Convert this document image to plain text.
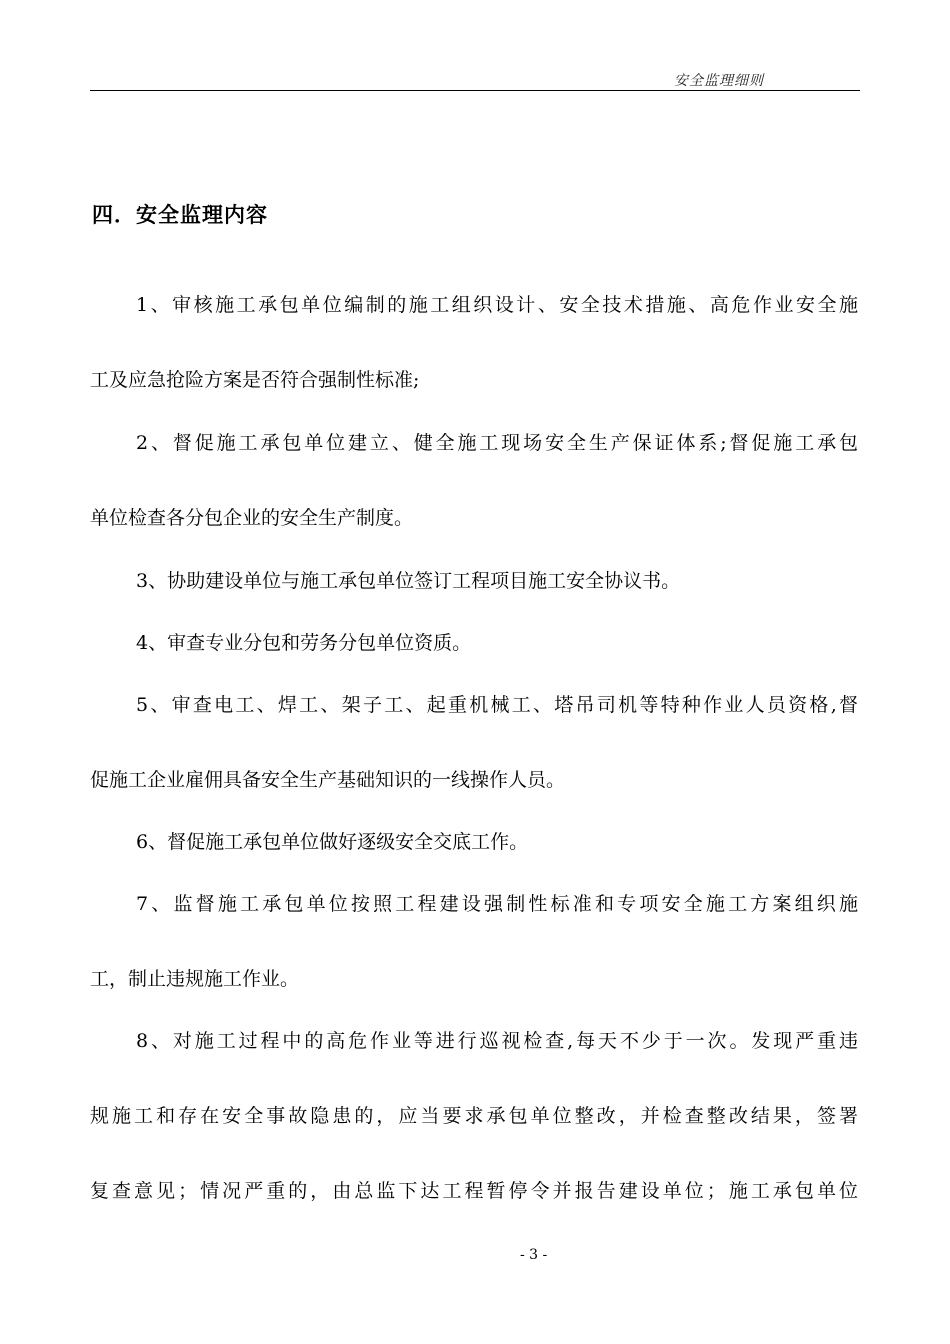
安全监理细则
四．安全监理内容
1、审核施工承包单位编制的施工组织设计、安全技术措施、高危作业安全施
工及应急抢险方案是否符合强制性标准;
2、督促施工承包单位建立、健全施工现场安全生产保证体系;督促施工承包
单位检查各分包企业的安全生产制度。
3、协助建设单位与施工承包单位签订工程项目施工安全协议书。
4、审查专业分包和劳务分包单位资质。
5、审查电工、焊工、架子工、起重机械工、塔吊司机等特种作业人员资格,督
促施工企业雇佣具备安全生产基础知识的一线操作人员。
6、督促施工承包单位做好逐级安全交底工作。
7、监督施工承包单位按照工程建设强制性标准和专项安全施工方案组织施
工，制止违规施工作业。
8、对施工过程中的高危作业等进行巡视检查,每天不少于一次。发现严重违
规施工和存在安全事故隐患的，应当要求承包单位整改，并检查整改结果，签署
复查意见；情况严重的，由总监下达工程暂停令并报告建设单位；施工承包单位
- 3 -
